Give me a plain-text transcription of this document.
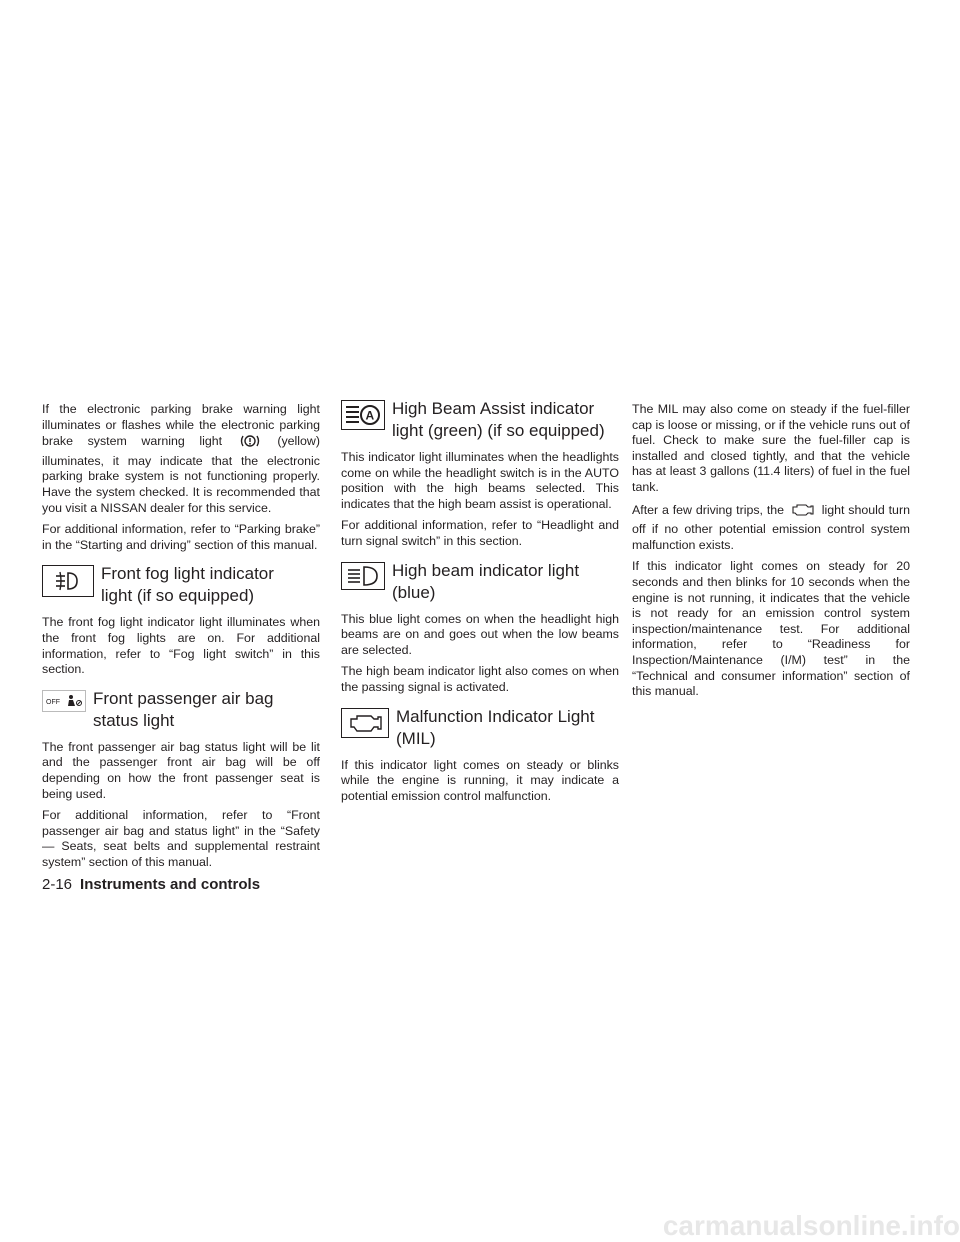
If the electronic parking brake warning light illuminates or flashes while the electronic parking brake system warning light	(yellow) illuminates, it may indicate that the electronic parking brake system is not functioning properly. Have the system checked. It is recommended that you visit a NISSAN dealer for this service.

For additional information, refer to “Parking brake” in the “Starting and driving” section of this manual.

Front fog light indicator
light (if so equipped)

The front fog light indicator light illuminates when the front fog lights are on. For additional information, refer to “Fog light switch” in this section.

OFF Front passenger air bag
status light

The front passenger air bag status light will be lit and the passenger front air bag will be off depending on how the front passenger seat is being used.

For additional information, refer to “Front passenger air bag and status light” in the “Safety — Seats, seat belts and supplemental restraint system” section of this manual.

A High Beam Assist indicator
light (green) (if so equipped)

This indicator light illuminates when the headlights come on while the headlight switch is in the AUTO position with the high beams selected. This indicates that the high beam assist is operational.

For additional information, refer to “Headlight and turn signal switch” in this section.

High beam indicator light
(blue)

This blue light comes on when the headlight high beams are on and goes out when the low beams are selected.

The high beam indicator light also comes on when the passing signal is activated.

Malfunction Indicator Light
(MIL)

If this indicator light comes on steady or blinks while the engine is running, it may indicate a potential emission control malfunction.

The MIL may also come on steady if the fuel-filler cap is loose or missing, or if the vehicle runs out of fuel. Check to make sure the fuel-filler cap is installed and closed tightly, and that the vehicle has at least 3 gallons (11.4 liters) of fuel in the fuel tank.

After a few driving trips, the	light should turn off if no other potential emission control system malfunction exists.

If this indicator light comes on steady for 20 seconds and then blinks for 10 seconds when the engine is not running, it indicates that the vehicle is not ready for an emission control system inspection/maintenance test. For additional information, refer to “Readiness for Inspection/Maintenance (I/M) test” in the “Technical and consumer information” section of this manual.

2-16 Instruments and controls
carmanualsonline.info
